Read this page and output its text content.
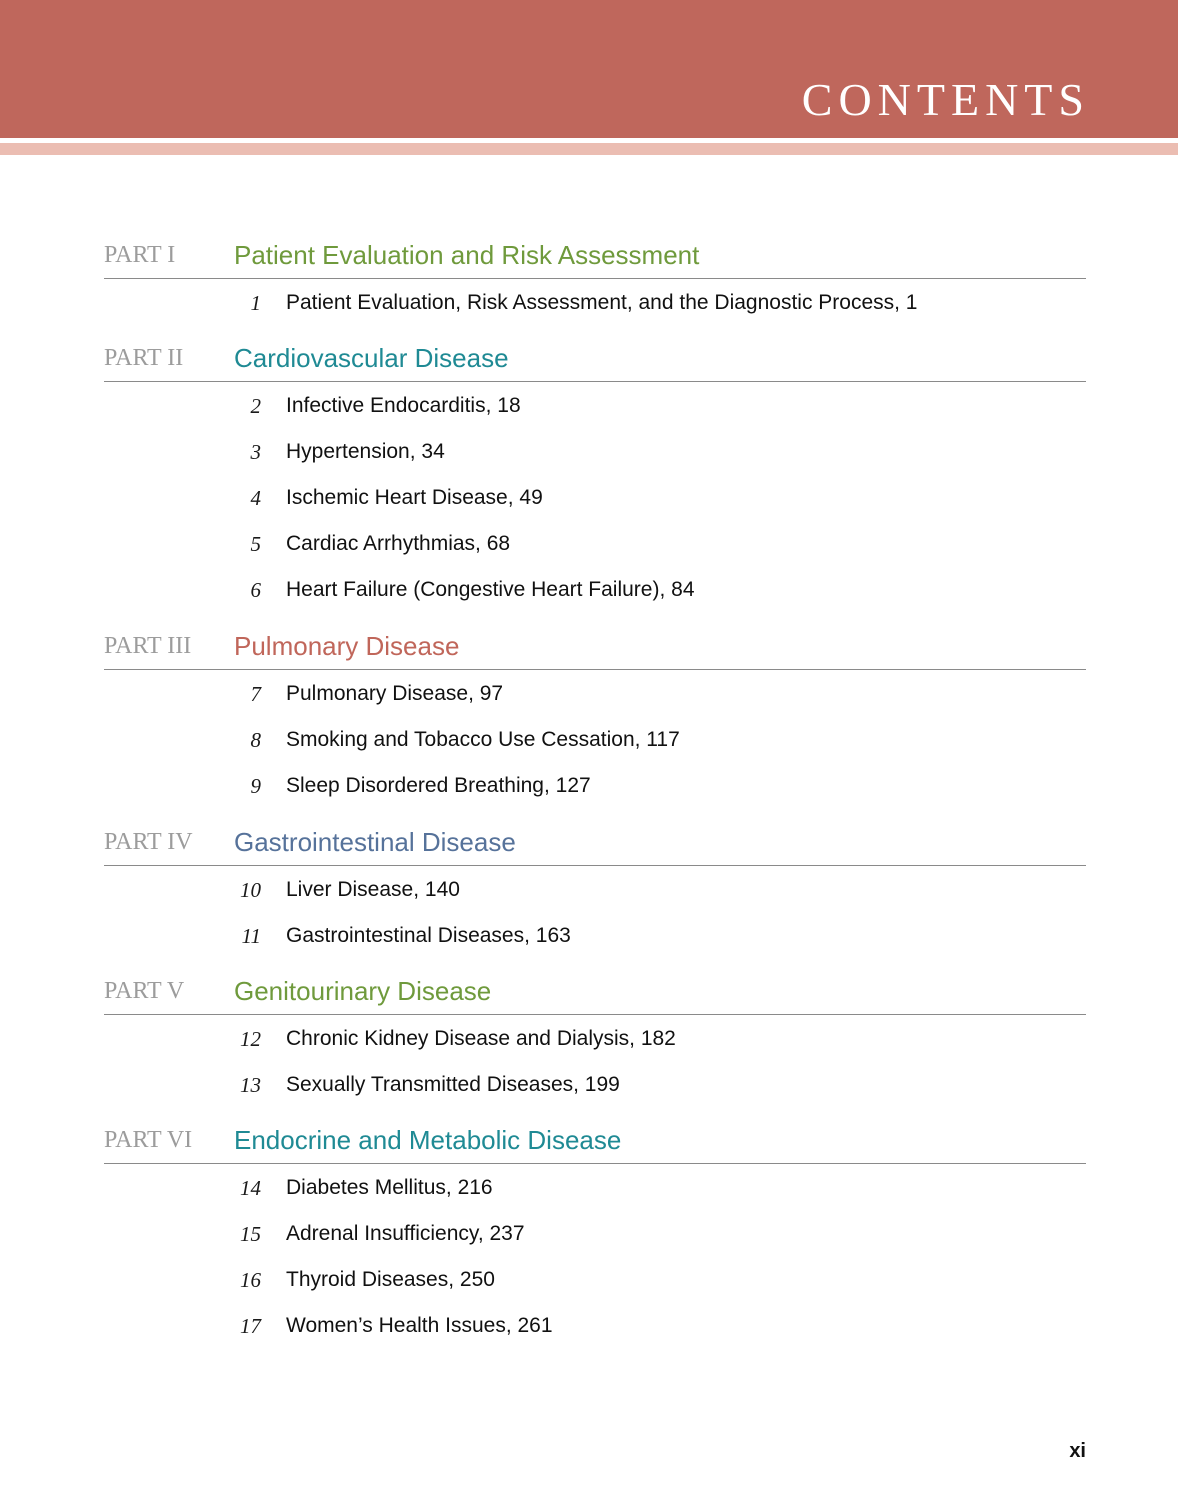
CONTENTS
PART I Patient Evaluation and Risk Assessment
1 Patient Evaluation, Risk Assessment, and the Diagnostic Process, 1
PART II Cardiovascular Disease
2 Infective Endocarditis, 18
3 Hypertension, 34
4 Ischemic Heart Disease, 49
5 Cardiac Arrhythmias, 68
6 Heart Failure (Congestive Heart Failure), 84
PART III Pulmonary Disease
7 Pulmonary Disease, 97
8 Smoking and Tobacco Use Cessation, 117
9 Sleep Disordered Breathing, 127
PART IV Gastrointestinal Disease
10 Liver Disease, 140
11 Gastrointestinal Diseases, 163
PART V Genitourinary Disease
12 Chronic Kidney Disease and Dialysis, 182
13 Sexually Transmitted Diseases, 199
PART VI Endocrine and Metabolic Disease
14 Diabetes Mellitus, 216
15 Adrenal Insufficiency, 237
16 Thyroid Diseases, 250
17 Women’s Health Issues, 261
xi
